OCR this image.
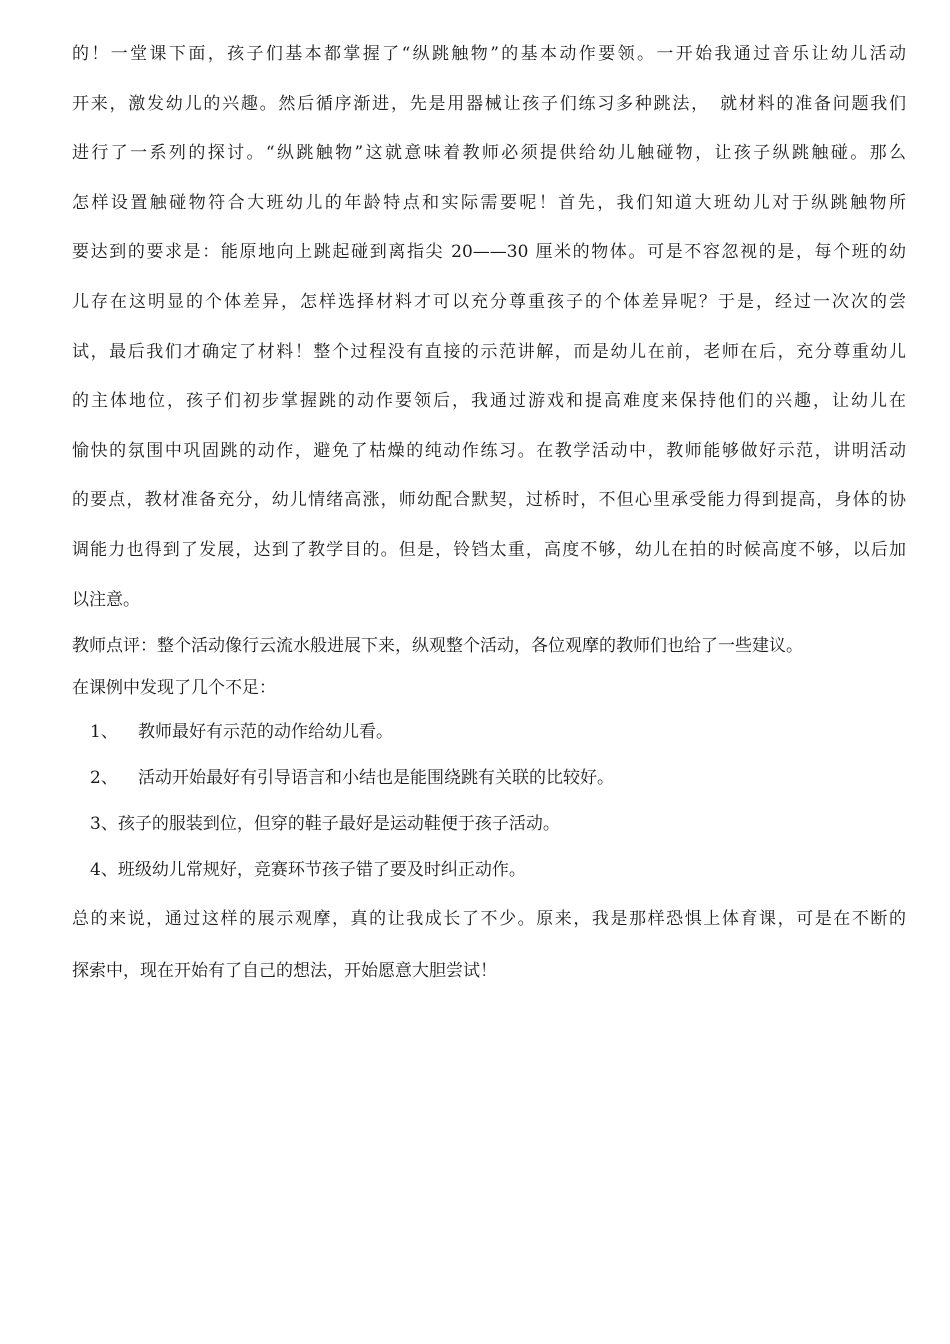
的！一堂课下面，孩子们基本都掌握了“纵跳触物”的基本动作要领。一开始我通过音乐让幼儿活动
开来，激发幼儿的兴趣。然后循序渐进，先是用器械让孩子们练习多种跳法，　就材料的准备问题我们
进行了一系列的探讨。“纵跳触物”这就意味着教师必须提供给幼儿触碰物，让孩子纵跳触碰。那么
怎样设置触碰物符合大班幼儿的年龄特点和实际需要呢！首先，我们知道大班幼儿对于纵跳触物所
要达到的要求是：能原地向上跳起碰到离指尖 20——30 厘米的物体。可是不容忽视的是，每个班的幼
儿存在这明显的个体差异，怎样选择材料才可以充分尊重孩子的个体差异呢？于是，经过一次次的尝
试，最后我们才确定了材料！整个过程没有直接的示范讲解，而是幼儿在前，老师在后，充分尊重幼儿
的主体地位，孩子们初步掌握跳的动作要领后，我通过游戏和提高难度来保持他们的兴趣，让幼儿在
愉快的氛围中巩固跳的动作，避免了枯燥的纯动作练习。在教学活动中，教师能够做好示范，讲明活动
的要点，教材准备充分，幼儿情绪高涨，师幼配合默契，过桥时，不但心里承受能力得到提高，身体的协
调能力也得到了发展，达到了教学目的。但是，铃铛太重，高度不够，幼儿在拍的时候高度不够，以后加
以注意。

教师点评：整个活动像行云流水般进展下来，纵观整个活动，各位观摩的教师们也给了一些建议。
在课例中发现了几个不足：

1、 教师最好有示范的动作给幼儿看。
2、 活动开始最好有引导语言和小结也是能围绕跳有关联的比较好。
3、孩子的服装到位，但穿的鞋子最好是运动鞋便于孩子活动。
4、班级幼儿常规好，竞赛环节孩子错了要及时纠正动作。

总的来说，通过这样的展示观摩，真的让我成长了不少。原来，我是那样恐惧上体育课，可是在不断的
探索中，现在开始有了自己的想法，开始愿意大胆尝试！
